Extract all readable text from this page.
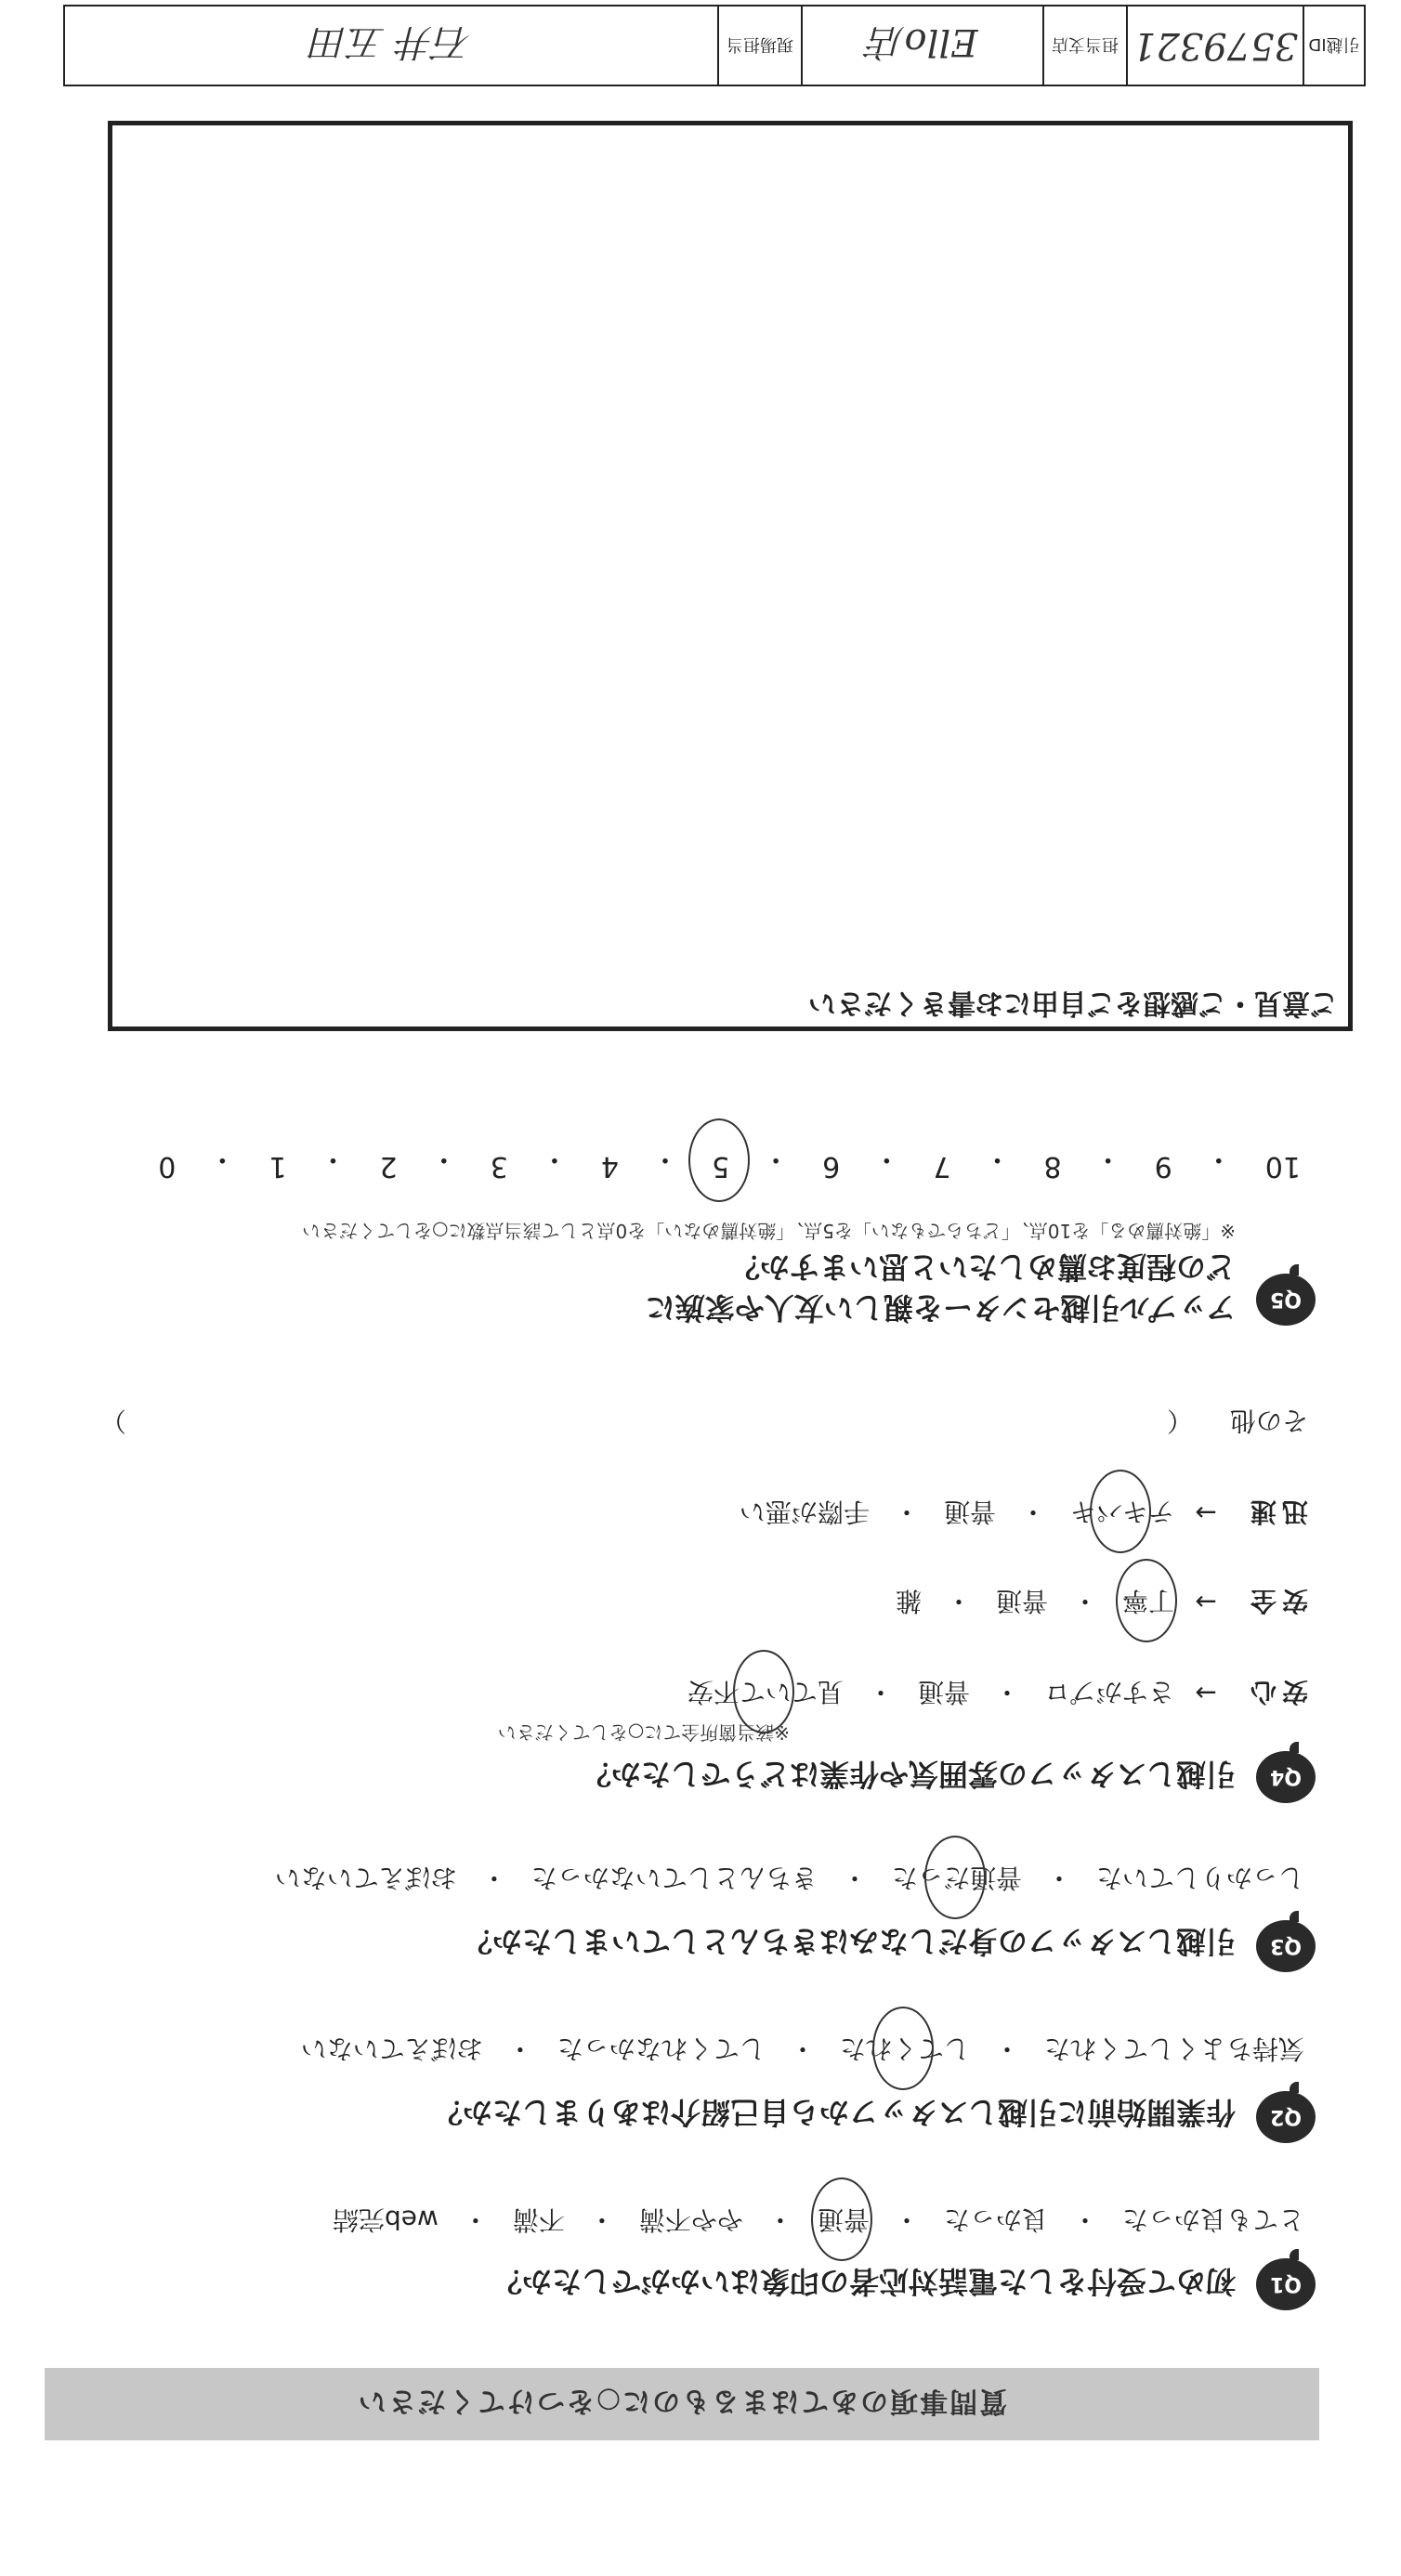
質問事項のあてはまるものに○をつけてください
Q1
初めて受付をした電話対応者の印象はいかがでしたか？
とても良かった
・
良かった
・
普通
・
やや不満
・
不満
・
web完結
Q2
作業開始前に引越しスタッフから自己紹介はありましたか？
気持ちよくしてくれた
・
してくれた
・
してくれなかった
・
おぼえていない
Q3
引越しスタッフの身だしなみはきちんとしていましたか？
しっかりしていた
・
普通だった
・
きちんとしていなかった
・
おぼえていない
Q4
引越しスタッフの雰囲気や作業はどうでしたか？
※該当箇所全てに○をしてください
安心
→
さすがプロ
・
普通
・
見ていて不安
安全
→
丁寧
・
普通
・
雑
迅速
→
テキパキ
・
普通
・
手際が悪い
その他
（
）
Q5
アップル引越センターを親しい友人や家族に
どの程度お薦めしたいと思いますか？
※「絶対薦める」を10点、「どちらでもない」を5点、「絶対薦めない」を0点として該当点数に○をしてください
10
・
9
・
8
・
7
・
6
・
5
・
4
・
3
・
2
・
1
・
0
ご意見・ご感想をご自由にお書きください
引越ID
3579321
担当支店
Ello店
現場担当
石井 五田
